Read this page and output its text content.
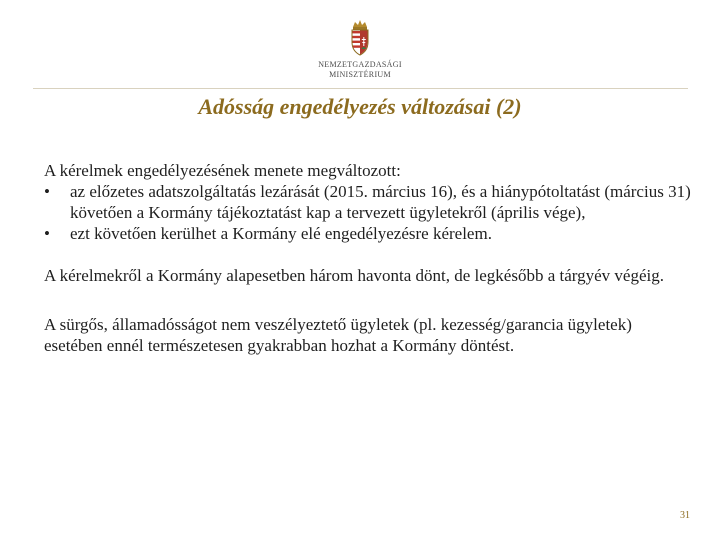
NEMZETGAZDASÁGI
MINISZTÉRIUM
Adósság engedélyezés változásai (2)

A kérelmek engedélyezésének menete megváltozott:

• az előzetes adatszolgáltatás lezárását (2015. március 16), és a hiánypótoltatást (március 31) követően a Kormány tájékoztatást kap a tervezett ügyletekről (április vége),
• ezt követően kerülhet a Kormány elé engedélyezésre kérelem.

A kérelmekről a Kormány alapesetben három havonta dönt, de legkésőbb a tárgyév végéig.

A sürgős, államadósságot nem veszélyeztető ügyletek (pl. kezesség/garancia ügyletek) esetében ennél természetesen gyakrabban hozhat a Kormány döntést.

31
